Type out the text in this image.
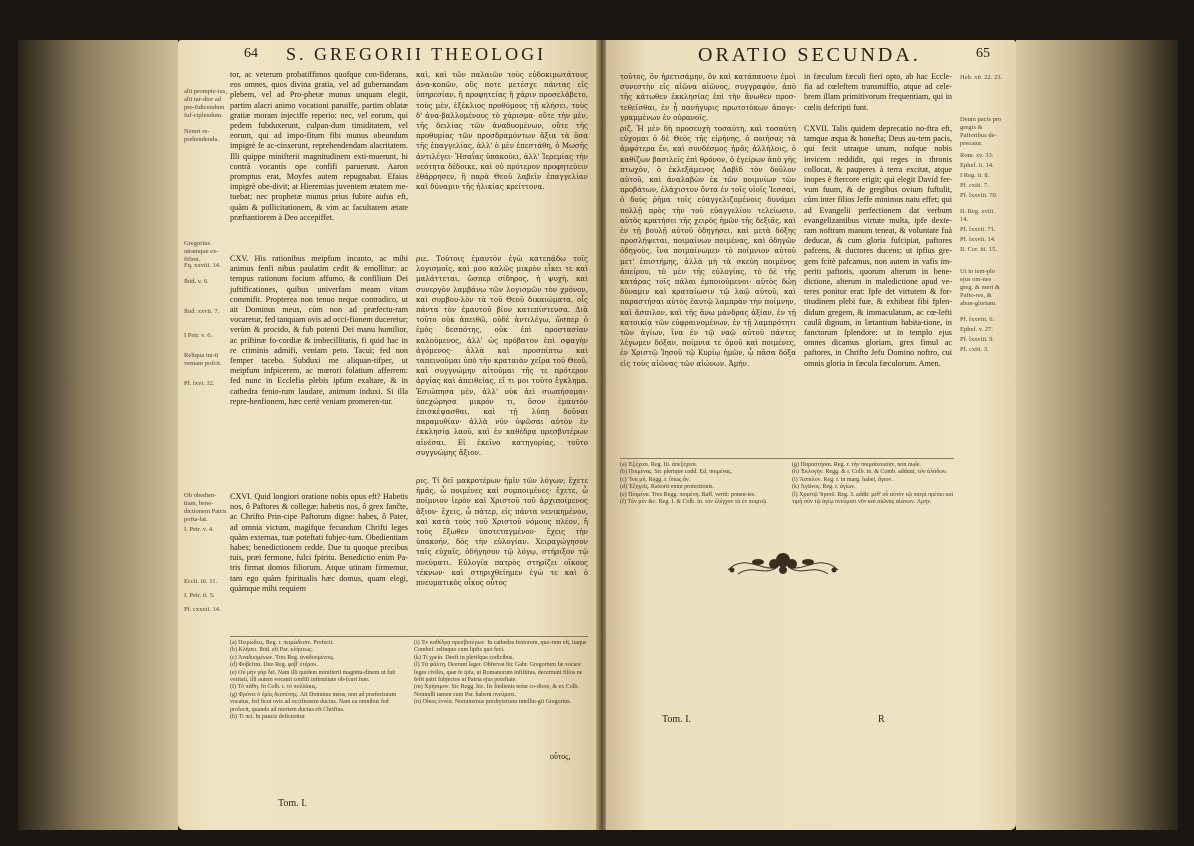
64 S. GREGORII THEOLOGI
alii prompte-ius, alii tar-dior ad pro-fidicendum fuf-ciplendum.
Nemri re-prehendenda.
Gregorius utramque ex-fifiret.
Fq. xxviii. 14.
Ibid. v. 6.
Ibid. xxvii. 7.
I Petr. v. 6.
Reliqua ini-ti veniam pofcit.
Pf. lxvi. 32.
Ob obedien-tiam, bene-dictionem Patris pofta-lat.
I. Petr. v. 4.
Eccli. iii. 11.
I. Petr. ii. 5.
Pf. cxxxii. 14.
tor, ac veterum probatiffimos quofque con-fiderans, eos omnes, quos divina gratia, vel ad gubernandam plebem, vel ad Pro-phetæ munus unquam elegit, partim alacri animo vocationi paruiffe, partim oblatæ gratiæ moram injeciffe reperio: nec, vel eorum, qui pedem fubduxerunt, culpan-dum timiditatem, vel eorum, qui ad impo-fitum fibi munus obeundum impigrè fe ac-cinxerunt, reprehendendam alacritatem. Illi quippe minifterii magnitudinem exti-muerunt, hi contrà vocantis ope confifi paruerunt. Aaron promptus erat, Moyfes autem repugnabat. Efaias impigrè obe-divit; at Hieremias juventem ætatem me-tuebat; nec prophetæ munus prius fubire aufus eft, quàm & pollicitationem, & vim ac facultatem ætate præftantiorem à Deo accepiffet.
CXV. His rationibus meipfum incanto, ac mihi animus fenfi nibus paulatim cedit & emollitur: ac tempus rationum focium affumo, & confilium Dei juftificationes, quibus univerfam meam vitam commifit. Propterea non tenuo neque contradico, ut ait Dominus meus, cùm non ad præfectu-ram vocaretur, fed tanquam ovis ad occi-fionem duceretur; verùm & procido, & fub potenti Dei manu humilior, ac priftinæ fo-cordiæ & imbecillitatis, fi quid hac in re criminis admifi, veniam peto. Tacui; fed non femper tacebo. Subduxi me aliquan-tifper, ut meipfum infpicerem, ac mœrori folatium afferrem: fed nunc in Ecclefia plebis ipfum exaltare, & in cathedra fenio-rum laudare, animum induxi. Si illa repre-henfionem, hæc certè veniam promeren-tur.
CXVI. Quid longiori oratione nobis opus eft? Habetis nos, ô Paftores & collegæ: habetis nos, ô grex fančte, ac Chrifto Prin-cipe Paftorum digne: habes, ô Pater, ad omnia victum, magifque fecundum Chrifti leges quàm externas, tuæ poteftati fubjec-tum. Obedientiam habes; benedictionem redde. Due tu quoque precibus tuis, præi fermone, fulci fpiritu. Benedictio enim Pa-tris firmat domos filiorum. Atque utinam firmemur, tam ego quàm fpiritualis hæc domus, quam elegi, quàmque mihi requiem
καὶ, καὶ τῶν παλαιῶν τοὺς εὐδοκιμωτάτους ἀνα-κοπῶν, οὓς ποτε μετέσχε πάντας εἰς ὑπηρεσίαν, ἢ προφητείας ἢ χάριν προσελάβετο, τοὺς μὲν, ἑξέκλιος προθύμους τῇ κλήσει, τοὺς δ' ἀνα-βαλλομένους τὸ χάρισμα· οὔτε τὴν μὲν, τῆς δειλίας τῶν ἀναδυομένων, οὔτε τῆς προθυμίας τῶν προσδραμόντων ἄξια τὰ ὅσα τῆς ἐπαγγελίας, ἀλλ' ὁ μὲν ἐπεστάθη, ὁ Μωσῆς ἀντιλέγει· Ἡσαΐας ὑπακούει, ἀλλ' Ἱερεμίας τὴν νεότητα δέδοικε, καὶ οὐ πρότερον προφητεύειν ἐθάρρησεν, ἢ παρὰ Θεοῦ λαβεῖν ἐπαγγελίαν καὶ δύναμιν τῆς ἡλικίας κρείττονα.
ριε. Τούτοις ἐμαυτὸν ἐγὼ κατεπᾴδω τοῖς λογισμοῖς, καὶ μου καλῶς μικρὸν εἶκει τε καὶ μαλάττεται, ὥσπερ σίδηρος, ἡ ψυχὴ, καὶ συνεργὸν λαμβάνω τῶν λογισμῶν τὸν χρόνον, καὶ συμβου-λὸν τὰ τοῦ Θεοῦ δικαιώματα, οἷς πάντα τὸν ἐμαυτοῦ βίον κατεπίστευσα. Διὰ τοῦτο οὐκ ἀπειθῶ, οὐδὲ ἀντιλέγω, ὥσπερ ὁ ἐμὸς δεσπότης, οὐκ ἐπὶ προστασίαν καλούμενος, ἀλλ' ὡς πρόβατον ἐπὶ σφαγὴν ἀγόμενος· ἀλλὰ καὶ προσπίπτω καὶ ταπεινοῦμαι ὑπὸ τὴν κραταιὰν χεῖρα τοῦ Θεοῦ, καὶ συγγνώμην αἰτοῦμαι τῆς τε πρότερον ἀργίας καὶ ἀπειθείας, εἴ τι μοι τοῦτο ἔγκλημα. Ἐσιώπησα μὲν, ἀλλ' οὐκ ἀεὶ σιωπήσομαι· ὑπεχώρησα μικρόν τι, ὅσον ἐμαυτὸν ἐπισκέψασθαι, καὶ τῇ λύπῃ δοῦναι παραμυθίαν· ἀλλὰ νῦν ὑψῶσαι αὐτὸν ἐν ἐκκλησίᾳ λαοῦ, καὶ ἐν καθέδρᾳ πρεσβυτέρων αἰνέσαι. Εἰ ἐκεῖνο κατηγορίας, τοῦτο συγγνώμης ἄξιον.
ρις. Τί δεῖ μακροτέρων ἡμῖν τῶν λόγων; ἔχετε ἡμᾶς, ὦ ποιμένες καὶ συμποιμένες· ἔχετε, ὦ ποίμνιον ἱερὸν καὶ Χριστοῦ τοῦ ἀρχιποίμενος ἄξιον· ἔχεις, ὦ πάτερ, εἰς πάντα νενικημένον, καὶ κατὰ τοὺς τοῦ Χριστοῦ νόμους πλέον, ἢ τοὺς ἔξωθεν ὑποτεταγμένον· ἔχεις τὴν ὑπακοήν, δὸς τὴν εὐλογίαν. Χειραγώγησον ταῖς εὐχαῖς, ὁδήγησον τῷ λόγῳ, στήριξον τῷ πνεύματι. Εὐλογία πατρὸς στηρίζει οἴκους τέκνων· καὶ στηριχθείημεν ἐγώ τε καὶ ὁ πνευματικὸς οἶκος οὗτος
(a) Πειρώδεις. Reg. r. πειρώδεσιν. Profecit.
(b) Κλήσει. Ibid. eft Par. κλήσεως.
(c) Ἀναδυομένων. Tres Reg. ἀναδυομένοις.
(d) Φοβεῖται. Duo Reg. φοβ' ἐτέρου.
(e) Οὐ μὴν γὰρ δεῖ. Nam illi quidem minifterii magnitu-dinem ut fuit veritati, illi autem vocanti confifi infirmitate ob-fcuri fuer.
(f) Τὸ πάθη. In Colb. t. τὸ πολλάκις.
(g) Φρύνει ὁ ἐμὸς δεσπότης. Ait Dominus meus, non ad præfecturam vocatus, fed ficut ovis ad occifionem ductus. Nam ea omnibus fed profecit, quando ad mortem ductus eft Chriftus.
(h) Τί πεῖ. In paucis deficientur.
(i) Ἐν καθέδρᾳ πρεσβυτέρων. In cathedra feniorum, quo-rum eft, itaque Combef. relinquo cum lipfis quo feci.
(k) Τί χρεία. Deeft in plerifque codicibus.
(l) Τὰ ψάλτη. Deerunt leger. Obfervat hic Gabr. Gregorium fæ vocare leges civiles, quæ fe ipfa, ut Romanorum infiftitus, decernunt filios ne fefit patri fubjectos ut Patria ejus poteftate.
(m) Χρήσιμον. Sic Regg. hic. Iis fiedienis notæ co-dices, & ex Colb. Nonnulli tamen cum Par. habent πνεύματι.
(n) Οἶκος ἐννέα. Nominemus presbyterium intellin-git Gregorius.
Tom. I.
οὗτος,
ORATIO SECUNDA.	65
τοῦτος, ὃν ἡρετισάμην, ὃν καὶ κατάπαυσιν ἐμοὶ συνεστὴν εἰς αἰῶνα αἰῶνος, συγγραφόν, ἀπὸ τῆς κάτωθεν ἐκκλησίας ἐπὶ τὴν ἄνωθεν προσ-τεθεῖσθαι, ἐν ᾗ πανήγυρις πρωτοτόκων ἀπογε-γραμμένων ἐν οὐρανοῖς.
ριζ. Ἡ μὲν δὴ προσευχὴ τοσαύτη, καὶ τοσαύτη εὐχομαι ὁ δὲ Θεὸς τῆς εἰρήνης, ὁ ποιήσας τὰ ἀμφότερα ἕν, καὶ συνδέσμος ἡμᾶς ἀλλήλοις, ὁ καθίζων βασιλεῖς ἐπὶ θρόνον, ὁ ἐγείρων ἀπὸ γῆς πτωχὸν, ὁ ἐκλεξάμενος Δαβὶδ τὸν δοῦλον αὐτοῦ, καὶ ἀναλαβὼν ἐκ τῶν ποιμνίων τῶν προβάτων, ἐλάχιστον ὄντα ἐν τοῖς υἱοῖς Ἰεσσαί, ὁ δοὺς ῥῆμα τοῖς εὐαγγελιζομένοις δυνάμει πολλῇ πρὸς τὴν τοῦ εὐαγγελίου τελείωσιν, αὐτὸς κρατήσει τῆς χειρὸς ἡμῶν τῆς δεξιᾶς, καὶ ἐν τῇ βουλῇ αὐτοῦ ὁδηγήσει, καὶ μετὰ δόξης προσλήψεται, ποιμαίνων ποιμένας, καὶ ὁδηγῶν ὁδηγοὺς, ἵνα ποιμαίνωμεν τὸ ποίμνιον αὐτοῦ μετ' ἐπιστήμης, ἀλλὰ μὴ τὰ σκεύη ποιμένος ἀπείρου, τὸ μὲν τῆς εὐλογίας, τὸ δὲ τῆς κατάρας τοῖς πάλαι ἐμποιούμενοι· αὐτὸς δώῃ δύναμιν καὶ κραταίωσιν τῷ λαῷ αὐτοῦ, καὶ παραστήσαι αὐτὸς ἑαυτῷ λαμπρὰν τὴν ποίμνην, καὶ ἄσπιλον, καὶ τῆς ἄνω μάνδρας ἀξίαν, ἐν τῇ κατοικίᾳ τῶν εὐφραινομένων, ἐν τῇ λαμπρότητι τῶν ἁγίων, ἵνα ἐν τῷ ναῷ αὐτοῦ πάντες λέγωμεν δόξαν, ποίμνια τε ὁμοῦ καὶ ποιμένες, ἐν Χριστῷ Ἰησοῦ τῷ Κυρίῳ ἡμῶν, ᾧ πᾶσα δόξα εἰς τοὺς αἰῶνας τῶν αἰώνων. Ἀμήν.
in fæculum fæculi fieri opto, ab hac Eccle-fia ad cœleftem transmiffio, atque ad cele-brem illam primitivorum frequentiam, qui in cœlis defcripti funt.
CXVII. Talis quidem deprecatio no-ftra eft, tamque æqua & honefta; Deus au-tem pacis, qui fecit utraque unum, nofque nobis invicem reddidit, qui reges in thronis collocat, & pauperes à terra excitat, atque inopes è ftercore erigit; qui elegit David fer-vum fuum, & de gregibus ovium fuftulit, cùm inter filios Jeffe minimus natu effet; qui ad Evangelii perfectionem dat verbum evangelizantibus virtute multa, ipfe dexte-ram noftram manum teneat, & voluntate fuà deducat, & cum gloria fufcipiat, paftores pafcens, & ductores ducens; ut ipfius gre-gem fcitè pafcamus, non autem in vafis im-periti paftoris, quorum alterum in bene-dictione, alterum in maledictione apud ve-teres ponitur erat: Ipfe det virtutem & for-titudinem plebi fuæ, & exhibeat fibi fplen-didum gregem, & immaculatum, ac cœ-lefti caulâ dignum, in lætantium habita-tione, in fanctorum fplendore: ut in templo ejus omnes dicamus gloriam, grex fimul ac paftores, in Chrifto Jefu Domino noftro, cui omnis gloria in fæcula fæculorum. Amen.
Heb. xii. 22. 23.
Deum pacis pro gregis & Paftoribus de-precatur.
Rom. xv. 33.
Ephef. ii. 14.
I Reg. ii. 8.
Pf. cxiii. 7.
Pf. lxxviii. 70.
II. Reg. xviii. 14.
Pf. lxxvii. 71.
Pf. lxxvii. 14.
II. Cor. iii. 15.
Ut in tem-plo ejus om-nes greg. & meri & Pafto-res, & abun-gloriam.
Pf. lxxviii. 6.
Ephef. v. 27.
Pf. lxxviii. 9.
Pf. cxiii. 3.
(a) Ἐξέχεσι. Reg. Iii. ἀπεξέχεσι.
(b) Ποιμένας. Sic plerique codd. Ed. ποιμένας.
(c) Ἵνα μὴ. Regg. r. ὅπως ἄν.
(d) Ἐξηγεῖς. Ratiorit enim protectionis.
(e) Ποιμένα. Tres Regg. ποιμένη. Baff. vertit: ponen-tes.
(f) Τὸν μὲν &c. Reg. I. & Colb. in. τὸν ἐλέγχον τὰ ἐν ποιμνῷ.
(g) Παραστήσαι. Reg. r. τὴν ποιμαίνουσαν, non male.
(h) Ἐκλογὴν. Regg. & r. Colb. in. & Comb. addunt, τὸν ἀλάδων.
(i) Ἄσπιλον. Reg. r. in marg. habet, ἄγιον.
(k) Ἀγῶνος. Reg. r. ἀγίων.
(l) Χριστῷ Ἰησοῦ. Reg. 3. addit: μεθ' οὗ αὐτὸν τῷ πατρὶ πρέπει καὶ τιμὴ σὺν τῷ ἁγίῳ πνεύματι νῦν καὶ αἰῶνας αἰώνων. Ἀμήν.
Tom. I.	R
